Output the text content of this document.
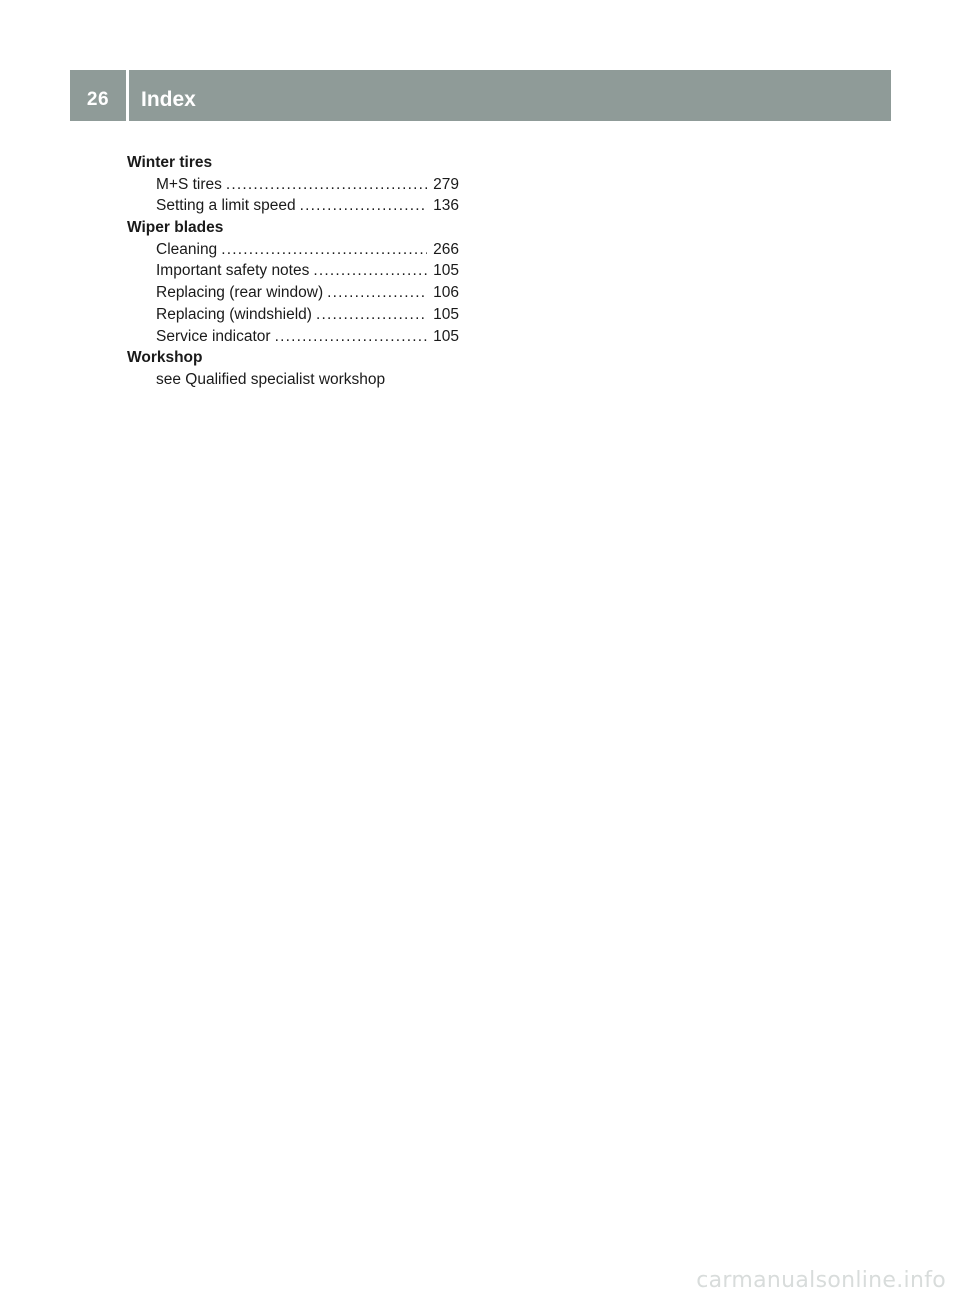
26	Index
Winter tires
M+S tires .....	279
Setting a limit speed .....	136
Wiper blades
Cleaning .....	266
Important safety notes .....	105
Replacing (rear window) .....	106
Replacing (windshield) .....	105
Service indicator .....	105
Workshop
see Qualified specialist workshop
carmanualsonline.info
